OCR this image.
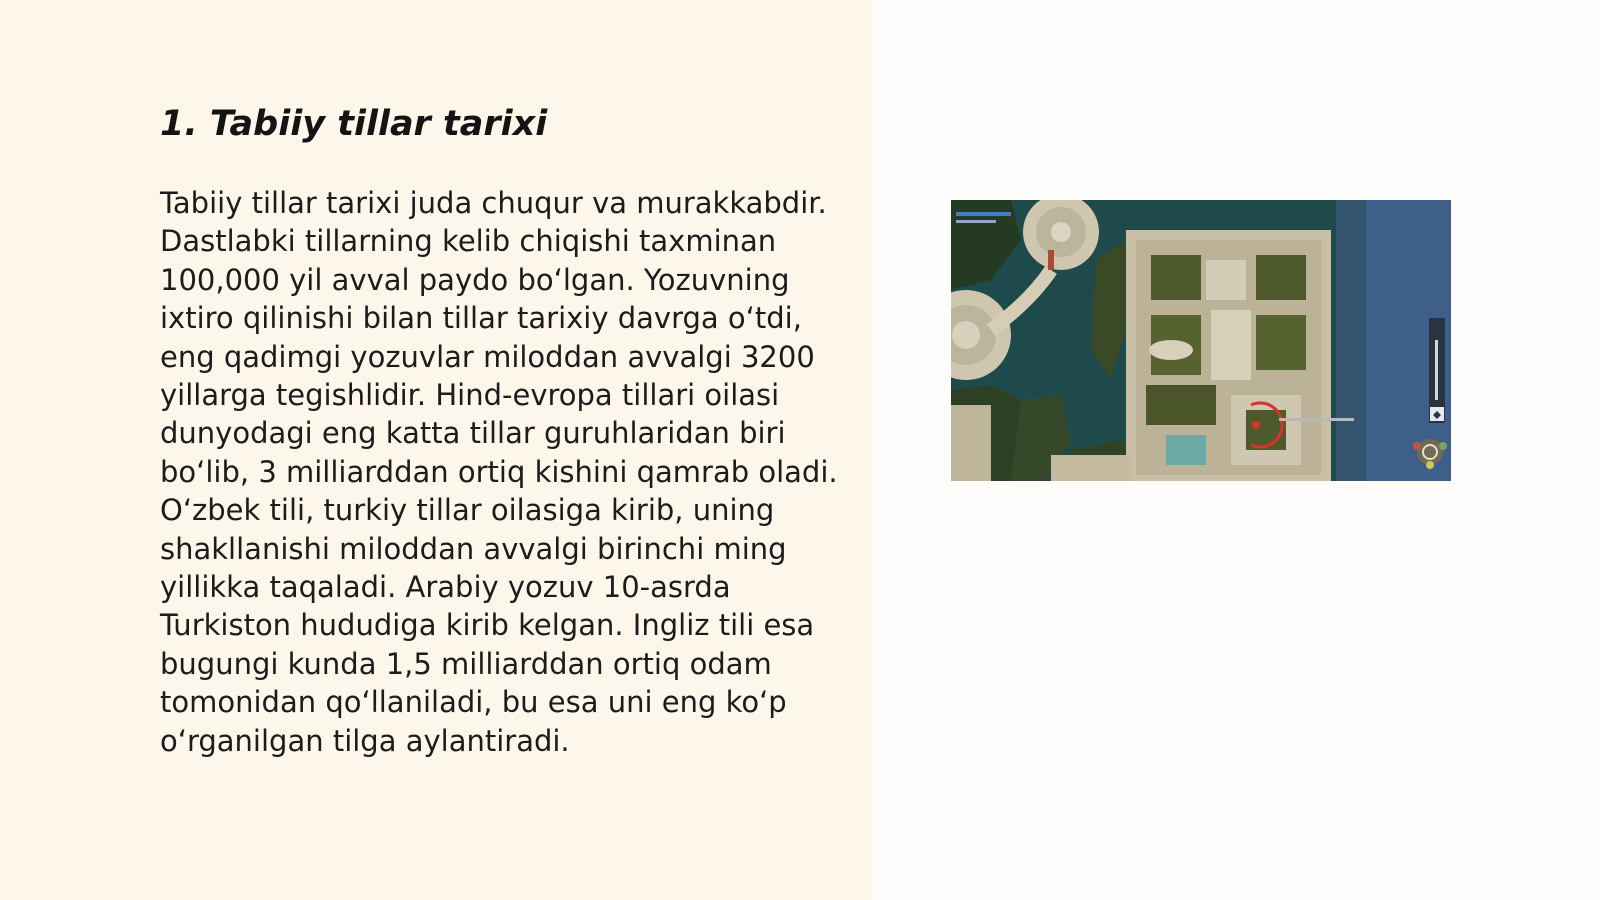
1. Tabiiy tillar tarixi

Tabiiy tillar tarixi juda chuqur va murakkabdir. Dastlabki tillarning kelib chiqishi taxminan 100,000 yil avval paydo bo‘lgan. Yozuvning ixtiro qilinishi bilan tillar tarixiy davrga o‘tdi, eng qadimgi yozuvlar miloddan avvalgi 3200 yillarga tegishlidir. Hind-evropa tillari oilasi dunyodagi eng katta tillar guruhlaridan biri bo‘lib, 3 milliarddan ortiq kishini qamrab oladi. O‘zbek tili, turkiy tillar oilasiga kirib, uning shakllanishi miloddan avvalgi birinchi ming yillikka taqaladi. Arabiy yozuv 10-asrda Turkiston hududiga kirib kelgan. Ingliz tili esa bugungi kunda 1,5 milliarddan ortiq odam tomonidan qo‘llaniladi, bu esa uni eng ko‘p o‘rganilgan tilga aylantiradi.
